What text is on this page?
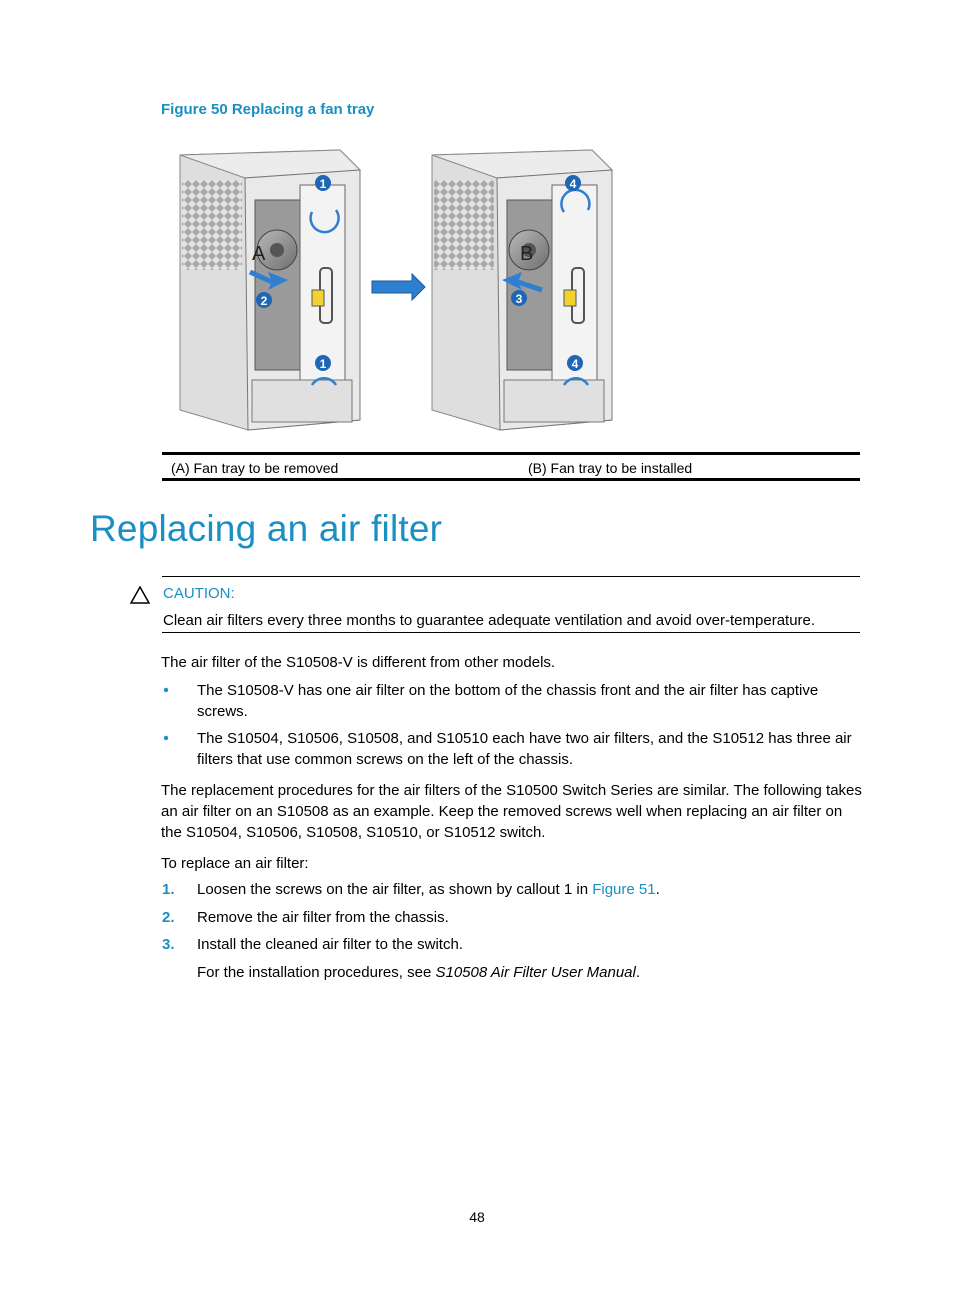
Figure 50 Replacing a fan tray
A
1
2
1
B
4
3
4
(A) Fan tray to be removed	(B) Fan tray to be installed
Replacing an air filter
CAUTION:
Clean air filters every three months to guarantee adequate ventilation and avoid over-temperature.
The air filter of the S10508-V is different from other models.
The S10508-V has one air filter on the bottom of the chassis front and the air filter has captive screws.
The S10504, S10506, S10508, and S10510 each have two air filters, and the S10512 has three air filters that use common screws on the left of the chassis.
The replacement procedures for the air filters of the S10500 Switch Series are similar. The following takes an air filter on an S10508 as an example. Keep the removed screws well when replacing an air filter on the S10504, S10506, S10508, S10510, or S10512 switch.
To replace an air filter:
1. Loosen the screws on the air filter, as shown by callout 1 in Figure 51.
2. Remove the air filter from the chassis.
3. Install the cleaned air filter to the switch.
For the installation procedures, see S10508 Air Filter User Manual.
48
